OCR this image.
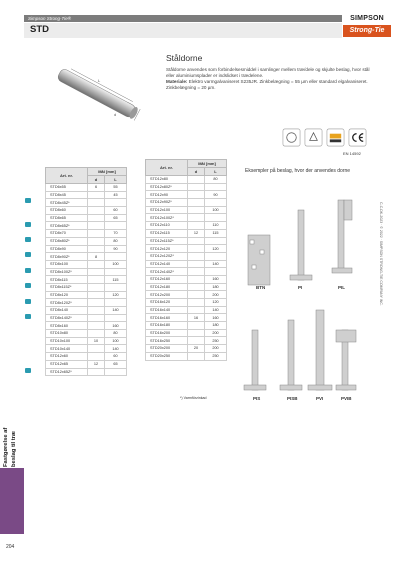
Simpson Strong-Tie®
STD
SIMPSON
Strong-Tie
d
L
Ståldorne

Ståldorne anvendes som forbindelsesmiddel i samlinger mellem træ/dele og skjulte beslag, hvor stål eller aluminiumsplader er indslidset i trædelene.

Materiale: Elektro varmgalvaniseret S235JR. Zinkbelægning = 55 µm eller standard elgalvaniseret. Zinkbelægning = 20 µm.

EN 14592
Art. nr.	Mål [mm]	
	d	L
STD6x55	6	55
STD8x45		45
STD8x45Z*		
STD8x60		60
STD8x65		65
STD8x65Z*		
STD8x70		70
STD8x80Z*		80
STD8x90		90
STD8x90Z*	8	
STD8x100		100
STD8x100Z*		
STD8x115		115
STD8x115Z*		
STD8x120		120
STD8x120Z*		
STD8x140		140
STD8x140Z*		
STD8x160		160
STD10x80		80
STD10x100	10	100
STD10x140		140
STD12x60		60
STD12x65	12	65
STD12x65Z*		
Art. nr.	Mål [mm]	
	d	L
STD12x80		80
STD12x80Z*		
STD12x90		90
STD12x90Z*		
STD12x100		100
STD12x100Z*		
STD12x110		110
STD12x115	12	115
STD12x115Z*		
STD12x120		120
STD12x120Z*		
STD12x140		140
STD12x140Z*		
STD12x160		160
STD12x180		180
STD12x200		200
STD16x120		120
STD16x140		140
STD16x160	16	160
STD16x180		180
STD16x200		200
STD16x250		250
STD20x200	20	200
STD20x250		250
*) Varmförzinkad
Eksempler på beslag, hvor der anvendes dorne
BTN	PI	PIL
PIS	PISB	PVI	PVIB
C-C-DK-2023 · © 2022 · SIMPSON STRONG-TIE COMPANY INC.
Fastgørelse af beslag til træ
204
